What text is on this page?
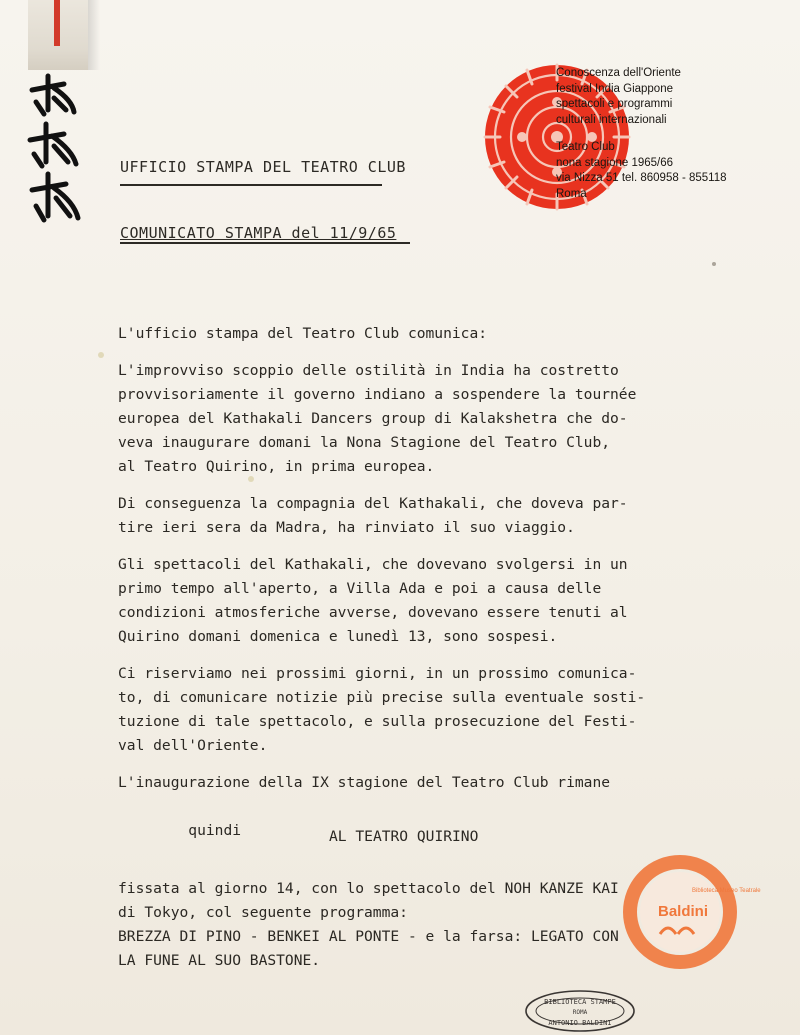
UFFICIO STAMPA DEL TEATRO CLUB
COMUNICATO STAMPA del 11/9/65
Conoscenza dell'Oriente
festival India Giappone
spettacoli e programmi
culturali internazionali
Teatro Club
nona stagione 1965/66
via Nizza 51 tel. 860958 - 855118
Roma
L'ufficio stampa del Teatro Club comunica:
L'improvviso scoppio delle ostilità in India ha costretto
provvisoriamente il governo indiano a sospendere la tournée
europea del Kathakali Dancers group di Kalakshetra che do-
veva inaugurare domani la Nona Stagione del Teatro Club,
al Teatro Quirino, in prima europea.
Di conseguenza la compagnia del Kathakali, che doveva par-
tire ieri sera da Madra, ha rinviato il suo viaggio.
Gli spettacoli del Kathakali, che dovevano svolgersi in un
primo tempo all'aperto, a Villa Ada e poi a causa delle
condizioni atmosferiche avverse, dovevano essere tenuti al
Quirino domani domenica e lunedì 13, sono sospesi.
Ci riserviamo nei prossimi giorni, in un prossimo comunica-
to, di comunicare notizie più precise sulla eventuale sosti-
tuzione di tale spettacolo, e sulla prosecuzione del Festi-
val dell'Oriente.
L'inaugurazione della IX stagione del Teatro Club rimane

quindi	AL TEATRO QUIRINO

fissata al giorno 14, con lo spettacolo del NOH KANZE KAI
di Tokyo, col seguente programma:
BREZZA DI PINO - BENKEI AL PONTE - e la farsa: LEGATO CON
LA FUNE AL SUO BASTONE.
Biblioteca Museo Teatrale
Baldini
BIBLIOTECA STAMPE
ROMA
ANTONIO BALDINI
